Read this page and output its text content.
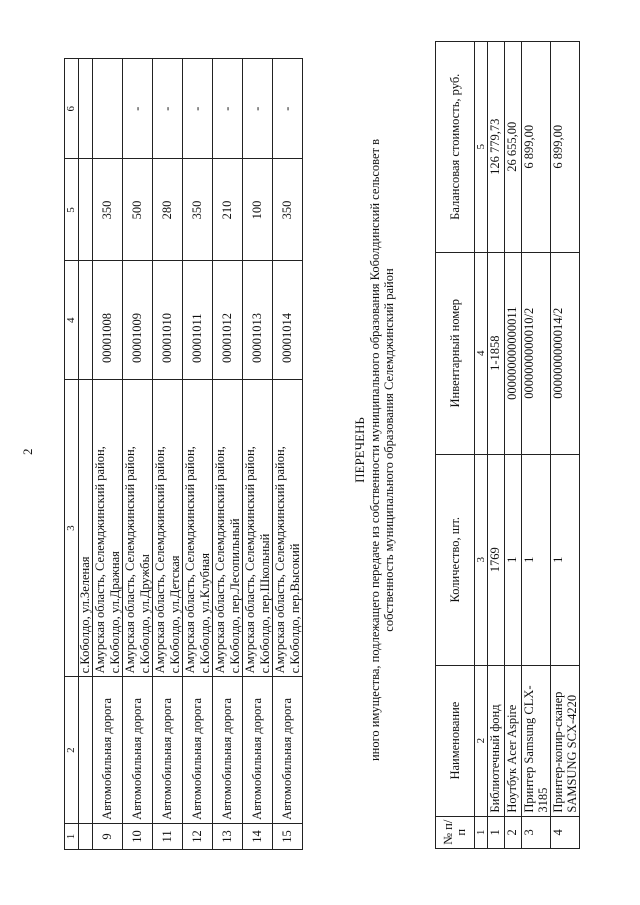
2
1	2	3	4	5	6
		с.Коболдо, ул.Зеленая			
9	Автомобильная дорога	Амурская область, Селемджинский район, с.Коболдо, ул.Дражная	00001008	350	
10	Автомобильная дорога	Амурская область, Селемджинский район, с.Коболдо, ул.Дружбы	00001009	500	-
11	Автомобильная дорога	Амурская область, Селемджинский район, с.Коболдо, ул.Детская	00001010	280	-
12	Автомобильная дорога	Амурская область, Селемджинский район, с.Коболдо, ул.Клубная	00001011	350	-
13	Автомобильная дорога	Амурская область, Селемджинский район, с.Коболдо, пер.Лесопильный	00001012	210	-
14	Автомобильная дорога	Амурская область, Селемджинский район, с.Коболдо, пер.Школьный	00001013	100	-
15	Автомобильная дорога	Амурская область, Селемджинский район, с.Коболдо, пер.Высокий	00001014	350	-
ПЕРЕЧЕНЬ иного имущества, подлежащего передаче из собственности муниципального образования Коболдинский сельсовет в собственность муниципального образования Селемджинский район
№ п/п	Наименование	Количество, шт.	Инвентарный номер	Балансовая стоимость, руб.
1	2	3	4	5
1	Библиотечный фонд	1769	1-1858	126 779,73
2	Ноутбук Acer Aspire	1	000000000000011	26 655,00
3	Принтер Samsung CLX-3185	1	0000000000010/2	6 899,00
4	Принтер-копир-сканер SAMSUNG SCX-4220	1	0000000000014/2	6 899,00
